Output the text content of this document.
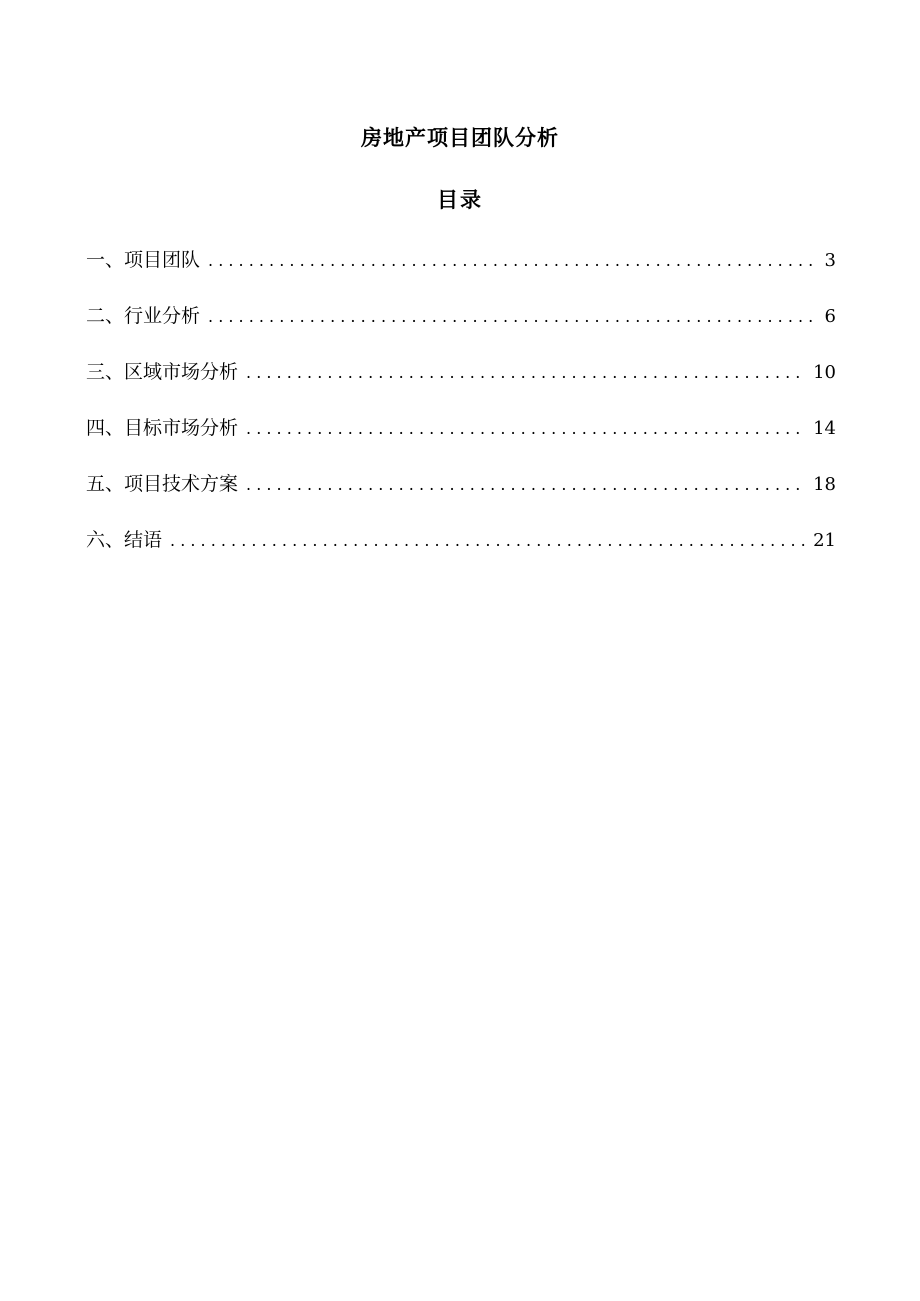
房地产项目团队分析
目录
一、项目团队 . . .	3
二、行业分析 . . .	6
三、区域市场分析 . . .	10
四、目标市场分析 . . .	14
五、项目技术方案 . . .	18
六、结语 . . .	21
